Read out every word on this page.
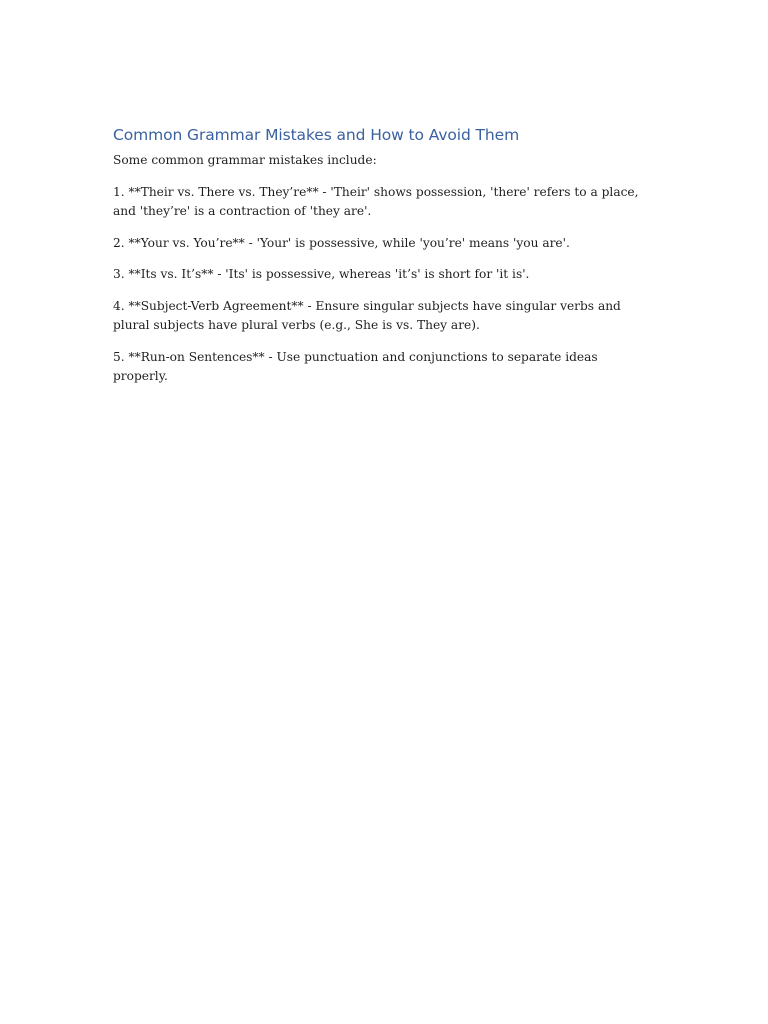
Common Grammar Mistakes and How to Avoid Them

Some common grammar mistakes include:

1. **Their vs. There vs. They’re** - 'Their' shows possession, 'there' refers to a place, and 'they’re' is a contraction of 'they are'.

2. **Your vs. You’re** - 'Your' is possessive, while 'you’re' means 'you are'.

3. **Its vs. It’s** - 'Its' is possessive, whereas 'it’s' is short for 'it is'.

4. **Subject-Verb Agreement** - Ensure singular subjects have singular verbs and plural subjects have plural verbs (e.g., She is vs. They are).

5. **Run-on Sentences** - Use punctuation and conjunctions to separate ideas properly.
